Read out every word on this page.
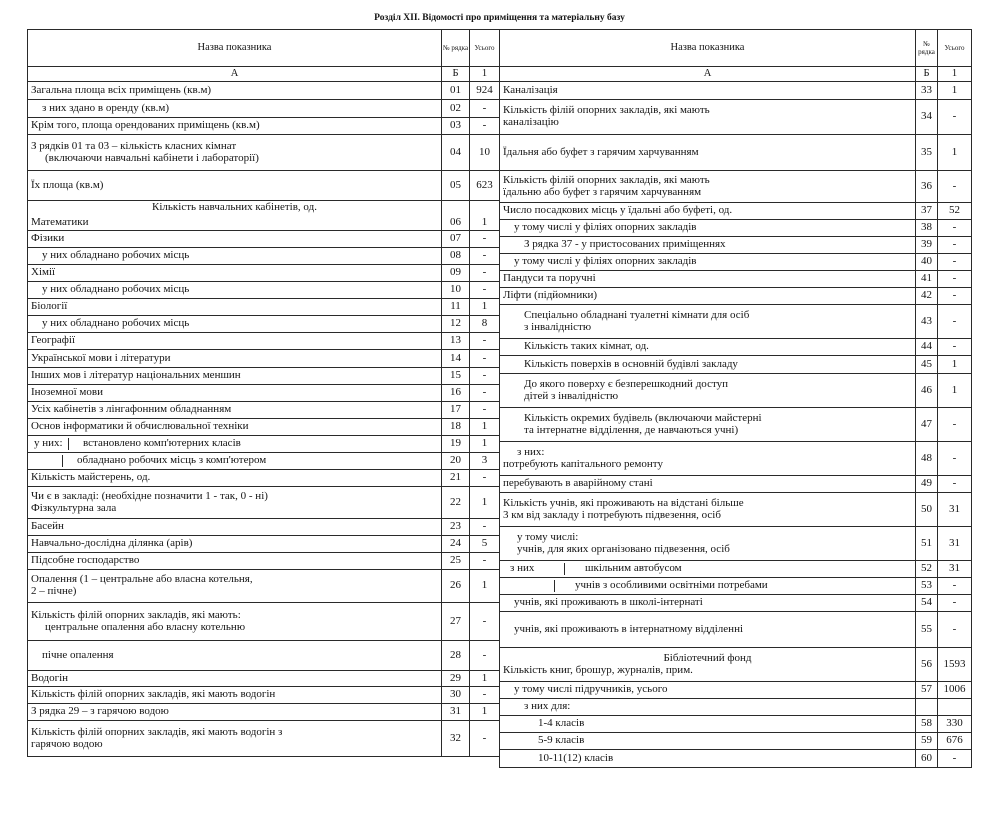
Розділ XII. Відомості про приміщення та матеріальну базу
Назва показника	№ рядка	Усього
А	Б	1
Загальна площа всіх приміщень (кв.м)	01	924
з них здано в оренду (кв.м)	02	-
Крім того, площа орендованих приміщень (кв.м)	03	-

З рядків 01 та 03 – кількість класних кімнат
(включаючи навчальні кабінети і лабораторії)	04	10
Їх площа (кв.м)	05	623
Кількість навчальних кабінетів, од.		
Математики	06	1
Фізики	07	-
у них обладнано робочих місць	08	-
Хімії	09	-
у них обладнано робочих місць	10	-
Біології	11	1
у них обладнано робочих місць	12	8
Географії	13	-
Української мови і літератури	14	-
Інших мов і літератур національних меншин	15	-
Іноземної мови	16	-
Усіх кабінетів з лінгафонним обладнанням	17	-
Основ інформатики й обчислювальної техніки	18	1

у них: встановлено комп'ютерних класів	19	1

обладнано робочих місць з комп'ютером	20	3
Кількість майстерень, од.	21	-

Чи є в закладі: (необхідне позначити 1 - так, 0 - ні)
Фізкультурна зала	22	1
Басейн	23	-
Навчально-дослідна ділянка (арів)	24	5
Підсобне господарство	25	-

Опалення (1 – центральне або власна котельня,
2 – пічне)	26	1

Кількість філій опорних закладів, які мають:
центральне опалення або власну котельню	27	-
пічне опалення	28	-
Водогін	29	1
Кількість філій опорних закладів, які мають водогін	30	-
З рядка 29 – з гарячою водою	31	1

Кількість філій опорних закладів, які мають водогін з
гарячою водою	32	-
Назва показника	№ рядка	Усього
А	Б	1
Каналізація	33	1

Кількість філій опорних закладів, які мають
каналізацію	34	-
Їдальня або буфет з гарячим харчуванням	35	1

Кількість філій опорних закладів, які мають
їдальню або буфет з гарячим харчуванням	36	-
Число посадкових місць у їдальні або буфеті, од.	37	52
у тому числі у філіях опорних закладів	38	-
З рядка 37 - у пристосованих приміщеннях	39	-
у тому числі у філіях опорних закладів	40	-
Пандуси та поручні	41	-
Ліфти (підйомники)	42	-

Спеціально обладнані туалетні кімнати для осіб
з інвалідністю	43	-
Кількість таких кімнат, од.	44	-
Кількість поверхів в основній будівлі закладу	45	1

До якого поверху є безперешкодний доступ
дітей з інвалідністю	46	1

Кількість окремих будівель (включаючи майстерні
та інтернатне відділення, де навчаються учні)	47	-

з них:
потребують капітального ремонту	48	-
перебувають в аварійному стані	49	-

Кількість учнів, які проживають на відстані більше
3 км від закладу і потребують підвезення, осіб	50	31

у тому числі:
учнів, для яких організовано підвезення, осіб	51	31

з них шкільним автобусом	52	31

учнів з особливими освітніми потребами	53	-
учнів, які проживають в школі-інтернаті	54	-
учнів, які проживають в інтернатному відділенні	55	-

Бібліотечний фонд
Кількість книг, брошур, журналів, прим.	56	1593
у тому числі підручників, усього	57	1006
з них для:		
1-4 класів	58	330
5-9 класів	59	676
10-11(12) класів	60	-
